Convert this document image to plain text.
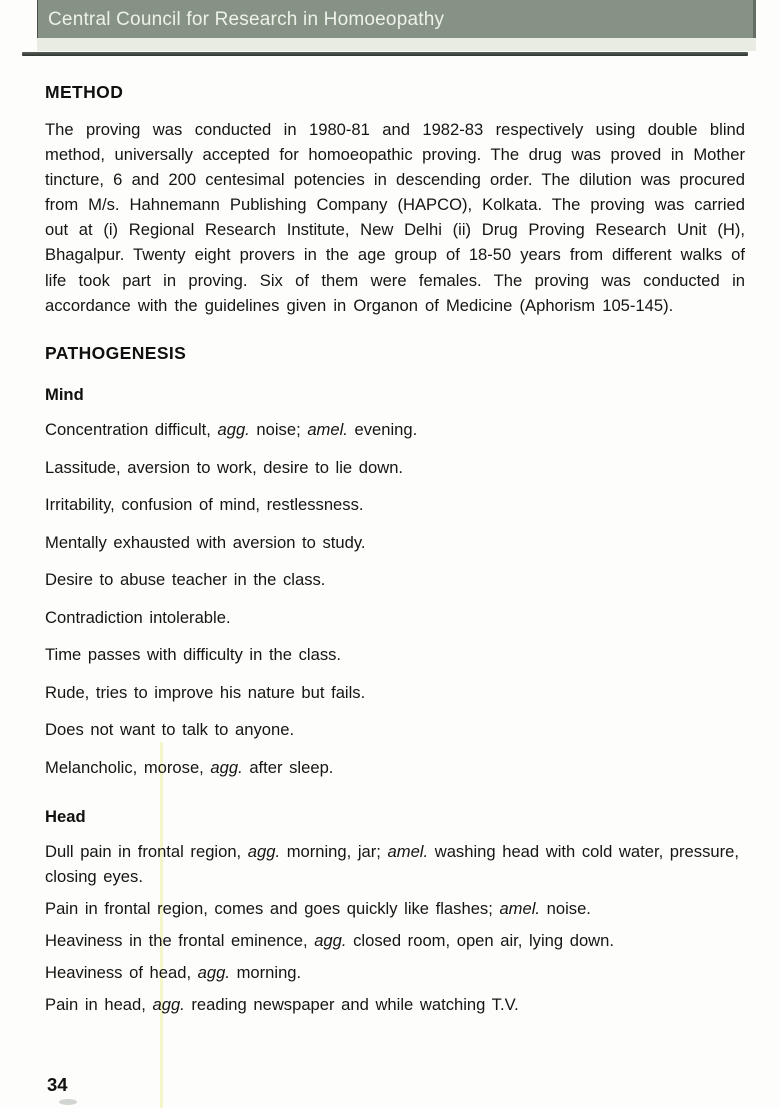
Central Council for Research in Homoeopathy
METHOD

The proving was conducted in 1980-81 and 1982-83 respectively using double blind method, universally accepted for homoeopathic proving. The drug was proved in Mother tincture, 6 and 200 centesimal potencies in descending order. The dilution was procured from M/s. Hahnemann Publishing Company (HAPCO), Kolkata. The proving was carried out at (i) Regional Research Institute, New Delhi (ii) Drug Proving Research Unit (H), Bhagalpur. Twenty eight provers in the age group of 18-50 years from different walks of life took part in proving. Six of them were females. The proving was conducted in accordance with the guidelines given in Organon of Medicine (Aphorism 105-145).

PATHOGENESIS
Mind

Concentration difficult, agg. noise; amel. evening.

Lassitude, aversion to work, desire to lie down.

Irritability, confusion of mind, restlessness.

Mentally exhausted with aversion to study.

Desire to abuse teacher in the class.

Contradiction intolerable.

Time passes with difficulty in the class.

Rude, tries to improve his nature but fails.

Does not want to talk to anyone.

Melancholic, morose, agg. after sleep.

Head

Dull pain in frontal region, agg. morning, jar; amel. washing head with cold water, pressure, closing eyes.

Pain in frontal region, comes and goes quickly like flashes; amel. noise.

Heaviness in the frontal eminence, agg. closed room, open air, lying down.

Heaviness of head, agg. morning.

Pain in head, agg. reading newspaper and while watching T.V.

34
